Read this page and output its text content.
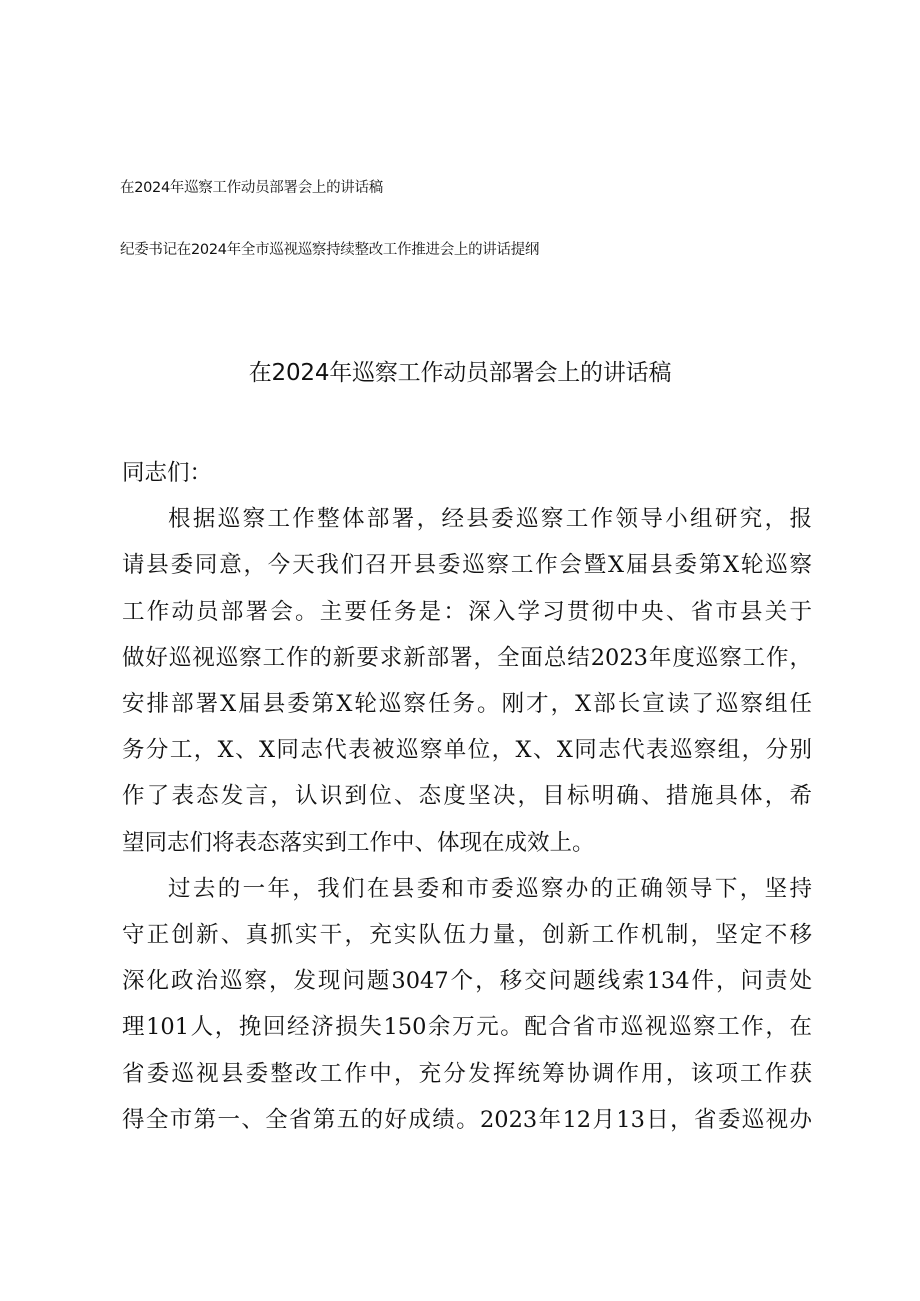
在2024年巡察工作动员部署会上的讲话稿
纪委书记在2024年全市巡视巡察持续整改工作推进会上的讲话提纲
在2024年巡察工作动员部署会上的讲话稿

同志们：

根据巡察工作整体部署，经县委巡察工作领导小组研究，报
请县委同意，今天我们召开县委巡察工作会暨X届县委第X轮巡察
工作动员部署会。主要任务是：深入学习贯彻中央、省市县关于
做好巡视巡察工作的新要求新部署，全面总结2023年度巡察工作，
安排部署X届县委第X轮巡察任务。刚才，X部长宣读了巡察组任
务分工，X、X同志代表被巡察单位，X、X同志代表巡察组，分别
作了表态发言，认识到位、态度坚决，目标明确、措施具体，希
望同志们将表态落实到工作中、体现在成效上。
过去的一年，我们在县委和市委巡察办的正确领导下，坚持
守正创新、真抓实干，充实队伍力量，创新工作机制，坚定不移
深化政治巡察，发现问题3047个，移交问题线索134件，问责处
理101人，挽回经济损失150余万元。配合省市巡视巡察工作，在
省委巡视县委整改工作中，充分发挥统筹协调作用，该项工作获
得全市第一、全省第五的好成绩。2023年12月13日，省委巡视办
